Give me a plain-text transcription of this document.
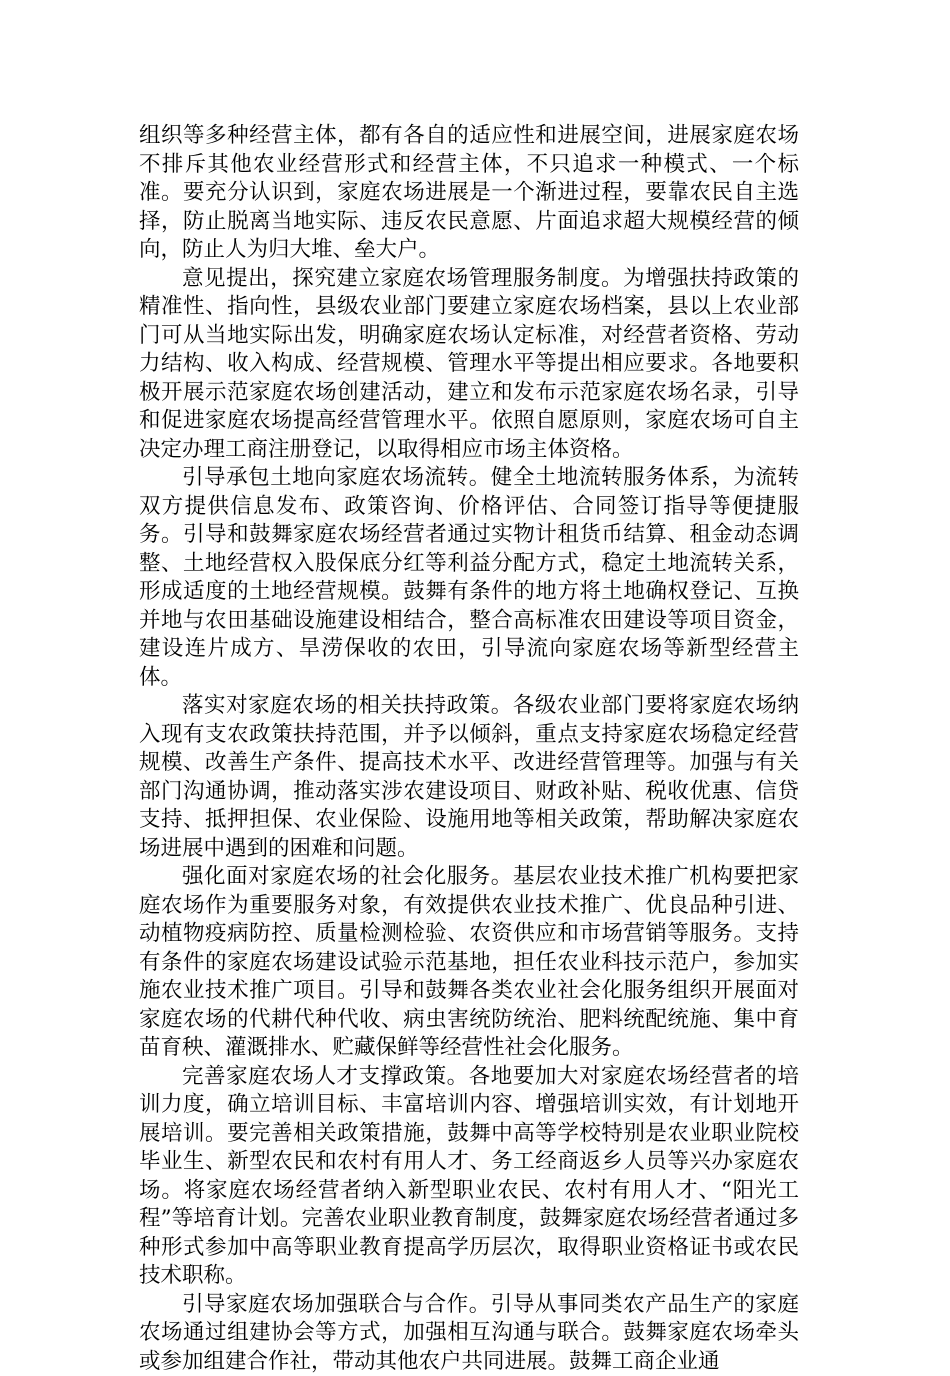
组织等多种经营主体，都有各自的适应性和进展空间，进展家庭农场不排斥其他农业经营形式和经营主体，不只追求一种模式、一个标准。要充分认识到，家庭农场进展是一个渐进过程，要靠农民自主选择，防止脱离当地实际、违反农民意愿、片面追求超大规模经营的倾向，防止人为归大堆、垒大户。

意见提出，探究建立家庭农场管理服务制度。为增强扶持政策的精准性、指向性，县级农业部门要建立家庭农场档案，县以上农业部门可从当地实际出发，明确家庭农场认定标准，对经营者资格、劳动力结构、收入构成、经营规模、管理水平等提出相应要求。各地要积极开展示范家庭农场创建活动，建立和发布示范家庭农场名录，引导和促进家庭农场提高经营管理水平。依照自愿原则，家庭农场可自主决定办理工商注册登记，以取得相应市场主体资格。

引导承包土地向家庭农场流转。健全土地流转服务体系，为流转双方提供信息发布、政策咨询、价格评估、合同签订指导等便捷服务。引导和鼓舞家庭农场经营者通过实物计租货币结算、租金动态调整、土地经营权入股保底分红等利益分配方式，稳定土地流转关系，形成适度的土地经营规模。鼓舞有条件的地方将土地确权登记、互换并地与农田基础设施建设相结合，整合高标准农田建设等项目资金，建设连片成方、旱涝保收的农田，引导流向家庭农场等新型经营主体。

落实对家庭农场的相关扶持政策。各级农业部门要将家庭农场纳入现有支农政策扶持范围，并予以倾斜，重点支持家庭农场稳定经营规模、改善生产条件、提高技术水平、改进经营管理等。加强与有关部门沟通协调，推动落实涉农建设项目、财政补贴、税收优惠、信贷支持、抵押担保、农业保险、设施用地等相关政策，帮助解决家庭农场进展中遇到的困难和问题。

强化面对家庭农场的社会化服务。基层农业技术推广机构要把家庭农场作为重要服务对象，有效提供农业技术推广、优良品种引进、动植物疫病防控、质量检测检验、农资供应和市场营销等服务。支持有条件的家庭农场建设试验示范基地，担任农业科技示范户，参加实施农业技术推广项目。引导和鼓舞各类农业社会化服务组织开展面对家庭农场的代耕代种代收、病虫害统防统治、肥料统配统施、集中育苗育秧、灌溉排水、贮藏保鲜等经营性社会化服务。

完善家庭农场人才支撑政策。各地要加大对家庭农场经营者的培训力度，确立培训目标、丰富培训内容、增强培训实效，有计划地开展培训。要完善相关政策措施，鼓舞中高等学校特别是农业职业院校毕业生、新型农民和农村有用人才、务工经商返乡人员等兴办家庭农场。将家庭农场经营者纳入新型职业农民、农村有用人才、“阳光工程”等培育计划。完善农业职业教育制度，鼓舞家庭农场经营者通过多种形式参加中高等职业教育提高学历层次，取得职业资格证书或农民技术职称。

引导家庭农场加强联合与合作。引导从事同类农产品生产的家庭农场通过组建协会等方式，加强相互沟通与联合。鼓舞家庭农场牵头或参加组建合作社，带动其他农户共同进展。鼓舞工商企业通
